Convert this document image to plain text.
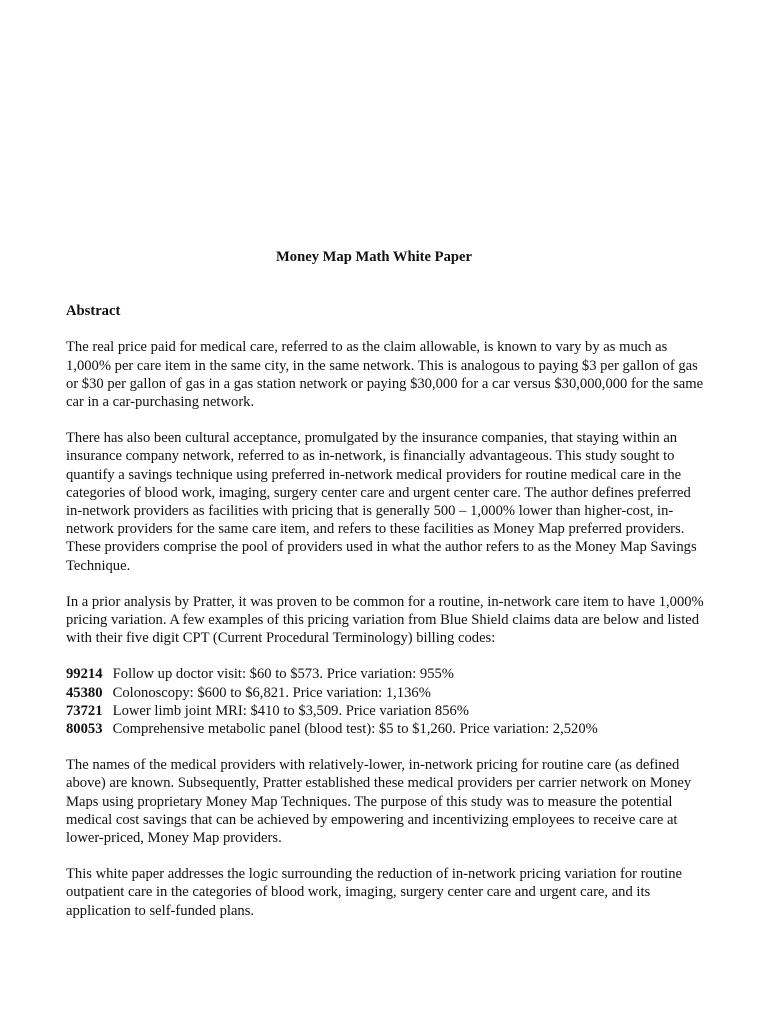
Money Map Math White Paper
Abstract

The real price paid for medical care, referred to as the claim allowable, is known to vary by as much as 1,000% per care item in the same city, in the same network. This is analogous to paying $3 per gallon of gas or $30 per gallon of gas in a gas station network or paying $30,000 for a car versus $30,000,000 for the same car in a car-purchasing network.

There has also been cultural acceptance, promulgated by the insurance companies, that staying within an insurance company network, referred to as in-network, is financially advantageous. This study sought to quantify a savings technique using preferred in-network medical providers for routine medical care in the categories of blood work, imaging, surgery center care and urgent center care. The author defines preferred in-network providers as facilities with pricing that is generally 500 – 1,000% lower than higher-cost, in-network providers for the same care item, and refers to these facilities as Money Map preferred providers. These providers comprise the pool of providers used in what the author refers to as the Money Map Savings Technique.

In a prior analysis by Pratter, it was proven to be common for a routine, in-network care item to have 1,000% pricing variation. A few examples of this pricing variation from Blue Shield claims data are below and listed with their five digit CPT (Current Procedural Terminology) billing codes:

99214 Follow up doctor visit: $60 to $573. Price variation: 955%
45380 Colonoscopy: $600 to $6,821. Price variation: 1,136%
73721 Lower limb joint MRI: $410 to $3,509. Price variation 856%
80053 Comprehensive metabolic panel (blood test): $5 to $1,260. Price variation: 2,520%

The names of the medical providers with relatively-lower, in-network pricing for routine care (as defined above) are known. Subsequently, Pratter established these medical providers per carrier network on Money Maps using proprietary Money Map Techniques. The purpose of this study was to measure the potential medical cost savings that can be achieved by empowering and incentivizing employees to receive care at lower-priced, Money Map providers.

This white paper addresses the logic surrounding the reduction of in-network pricing variation for routine outpatient care in the categories of blood work, imaging, surgery center care and urgent care, and its application to self-funded plans.
